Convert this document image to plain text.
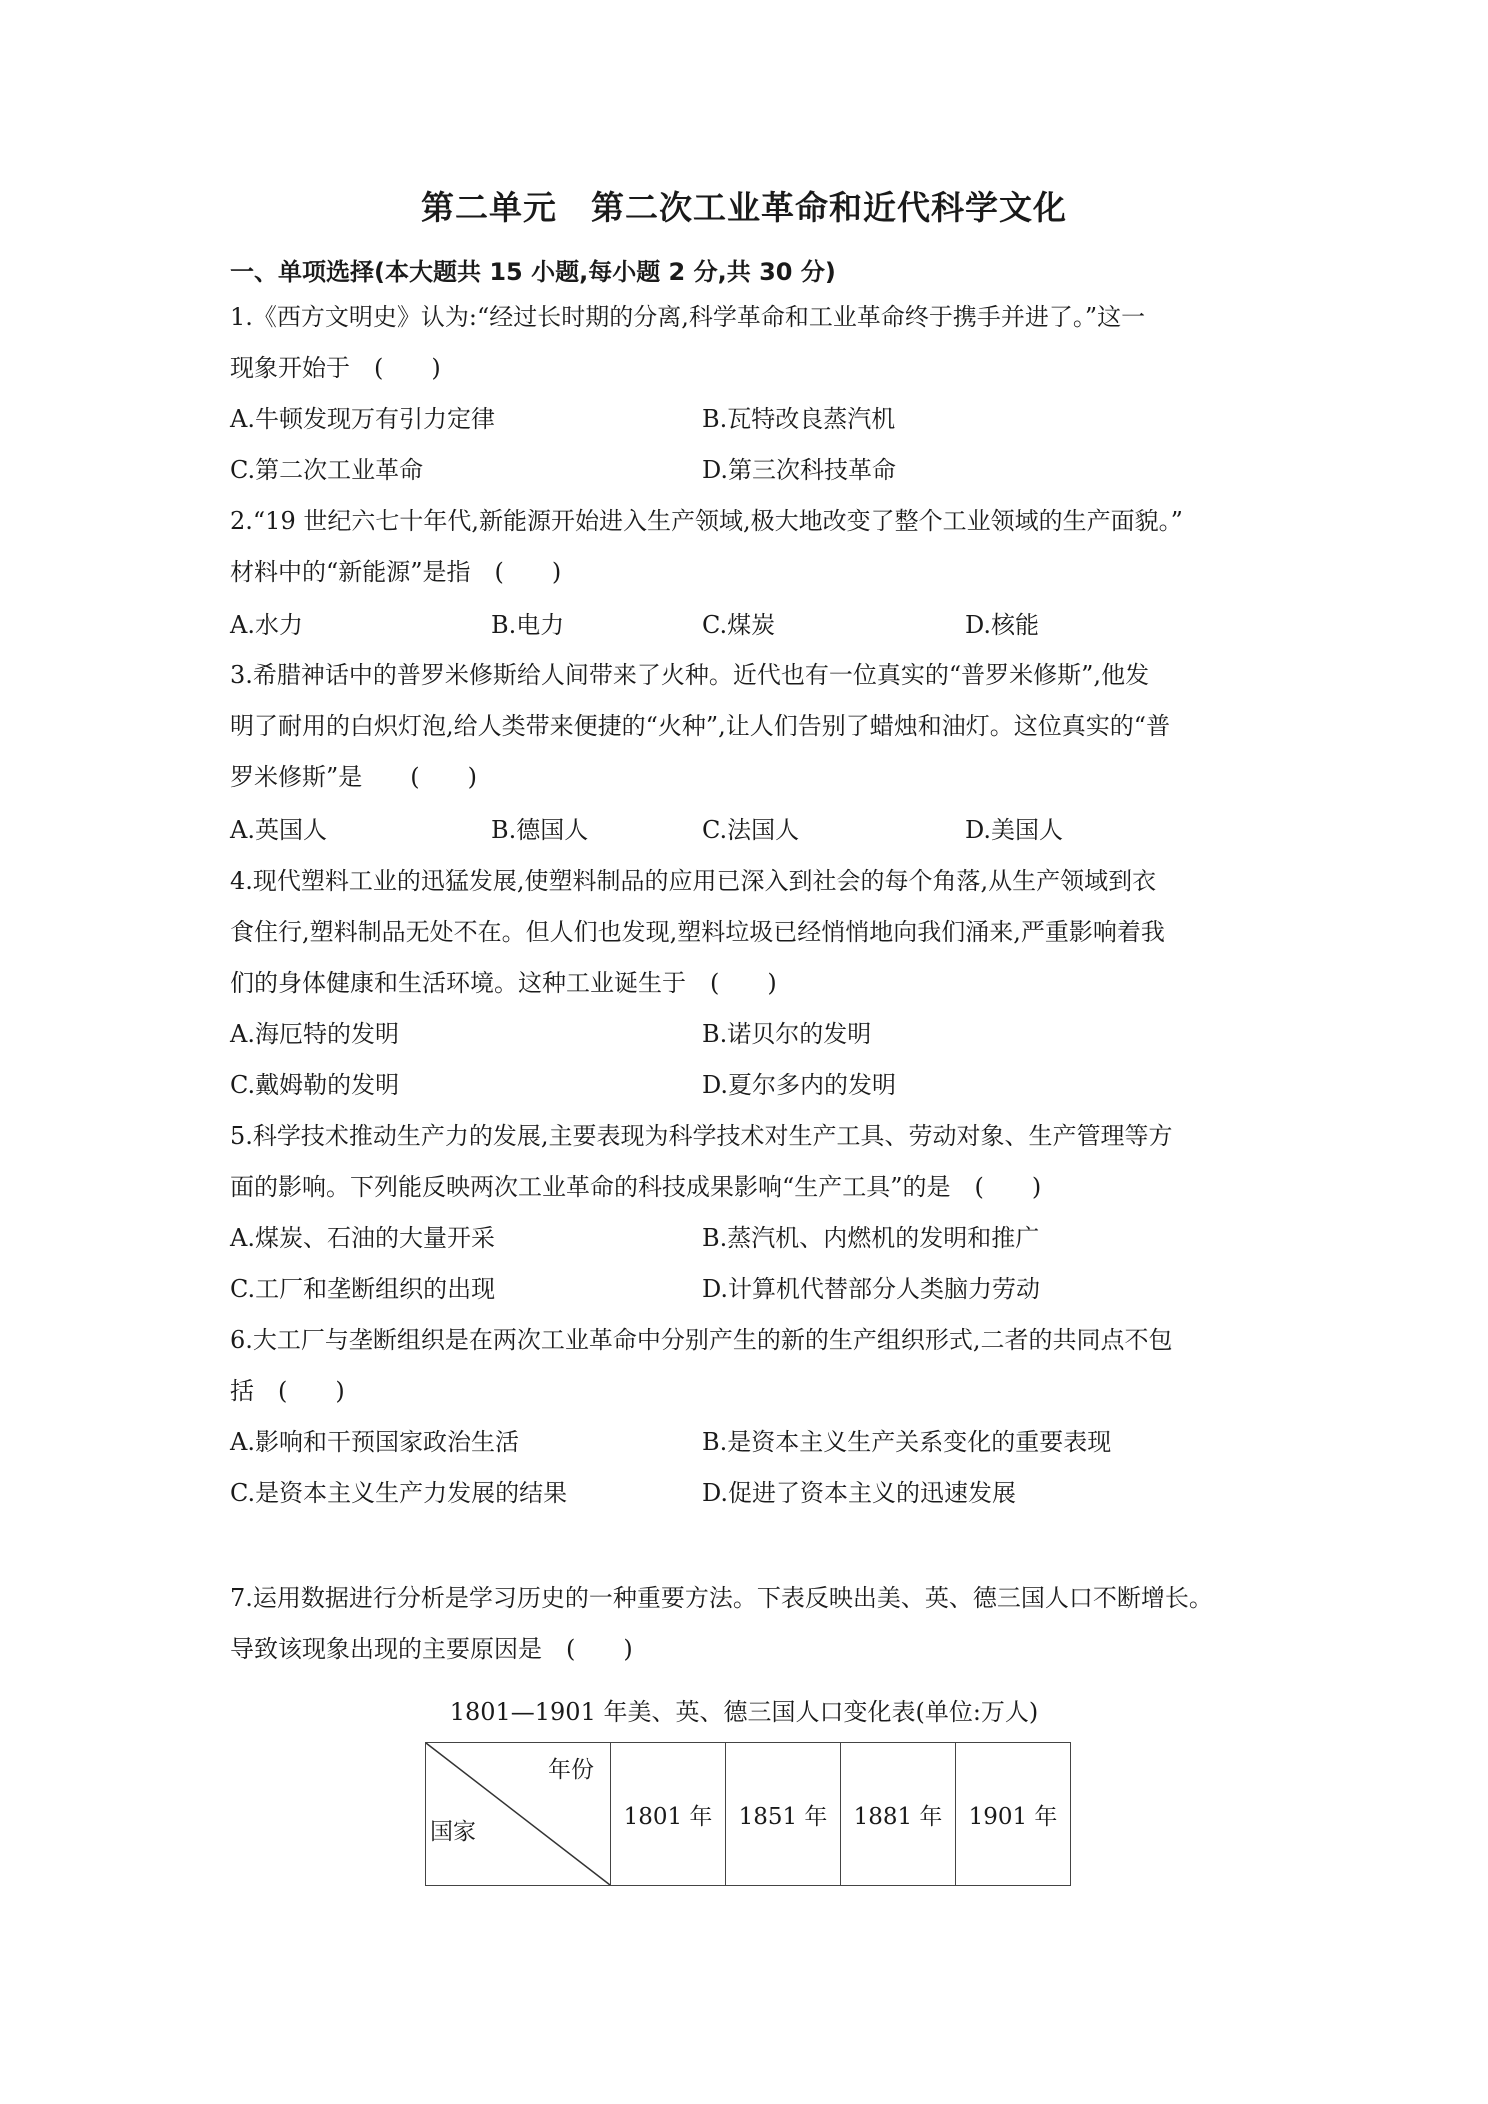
第二单元　第二次工业革命和近代科学文化
一、单项选择(本大题共 15 小题,每小题 2 分,共 30 分)
1.《西方文明史》认为:“经过长时期的分离,科学革命和工业革命终于携手并进了。”这一
现象开始于　(　　)
A.牛顿发现万有引力定律	B.瓦特改良蒸汽机
C.第二次工业革命	D.第三次科技革命
2.“19 世纪六七十年代,新能源开始进入生产领域,极大地改变了整个工业领域的生产面貌。”
材料中的“新能源”是指　(　　)
A.水力	B.电力	C.煤炭	D.核能
3.希腊神话中的普罗米修斯给人间带来了火种。近代也有一位真实的“普罗米修斯”,他发
明了耐用的白炽灯泡,给人类带来便捷的“火种”,让人们告别了蜡烛和油灯。这位真实的“普
罗米修斯”是　　(　　)
A.英国人	B.德国人	C.法国人	D.美国人
4.现代塑料工业的迅猛发展,使塑料制品的应用已深入到社会的每个角落,从生产领域到衣
食住行,塑料制品无处不在。但人们也发现,塑料垃圾已经悄悄地向我们涌来,严重影响着我
们的身体健康和生活环境。这种工业诞生于　(　　)
A.海厄特的发明	B.诺贝尔的发明
C.戴姆勒的发明	D.夏尔多内的发明
5.科学技术推动生产力的发展,主要表现为科学技术对生产工具、劳动对象、生产管理等方
面的影响。下列能反映两次工业革命的科技成果影响“生产工具”的是　(　　)
A.煤炭、石油的大量开采	B.蒸汽机、内燃机的发明和推广
C.工厂和垄断组织的出现	D.计算机代替部分人类脑力劳动
6.大工厂与垄断组织是在两次工业革命中分别产生的新的生产组织形式,二者的共同点不包
括　(　　)
A.影响和干预国家政治生活	B.是资本主义生产关系变化的重要表现
C.是资本主义生产力发展的结果	D.促进了资本主义的迅速发展
7.运用数据进行分析是学习历史的一种重要方法。下表反映出美、英、德三国人口不断增长。
导致该现象出现的主要原因是　(　　)
1801—1901 年美、英、德三国人口变化表(单位:万人)
年份
国家
	1801 年	1851 年	1881 年	1901 年
